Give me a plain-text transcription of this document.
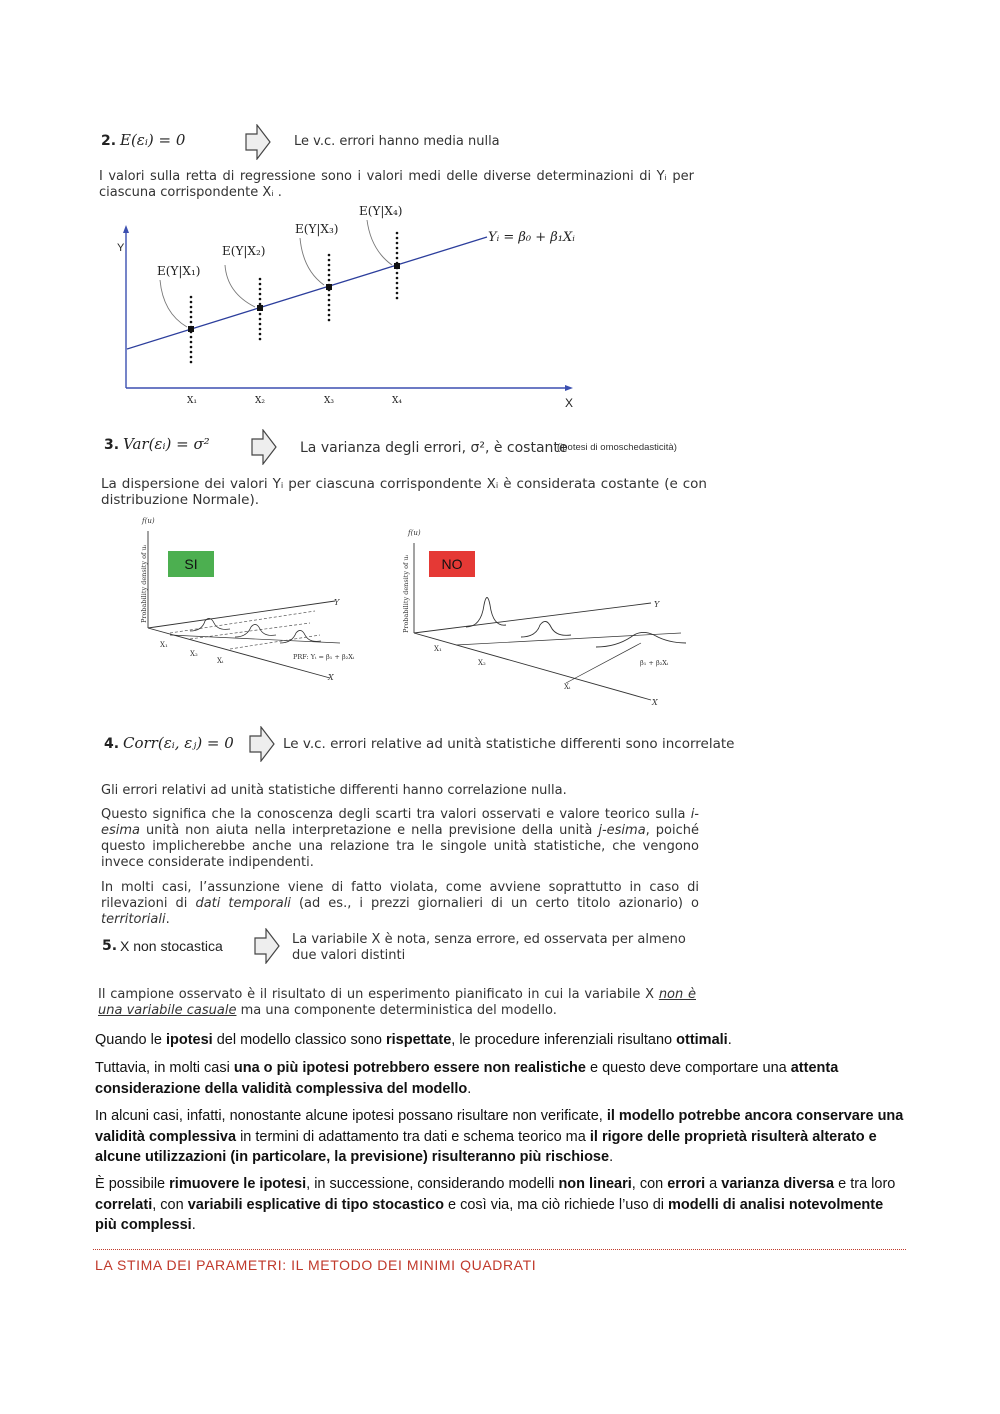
2. E(εᵢ) = 0	Le v.c. errori hanno media nulla
I valori sulla retta di regressione sono i valori medi delle diverse determinazioni di Yᵢ per ciascuna corrispondente Xᵢ .
Y
X
Yᵢ = β₀ + β₁Xᵢ
X₁	X₂	X₃	X₄
E(Y|X₁)
E(Y|X₂)
E(Y|X₃)
E(Y|X₄)
3. Var(εᵢ) = σ²	La varianza degli errori, σ², è costante
(ipotesi di omoschedasticità)
La dispersione dei valori Yᵢ per ciascuna corrispondente Xᵢ è considerata costante (e con distribuzione Normale).
f(u)
Y
X
X₁
X₂
Xᵢ	PRF: Yᵢ = β₁ + β₂Xᵢ
Probability density of uᵢ	SI
f(u)
Y
X
X₁
X₂
Xᵢ
β₁ + β₂Xᵢ
Probability density of uᵢ	NO
4. Corr(εᵢ, εⱼ) = 0	Le v.c. errori relative ad unità statistiche differenti sono incorrelate
Gli errori relativi ad unità statistiche differenti hanno correlazione nulla.
Questo significa che la conoscenza degli scarti tra valori osservati e valore teorico sulla i-esima unità non aiuta nella interpretazione e nella previsione della unità j-esima, poiché questo implicherebbe anche una relazione tra le singole unità statistiche, che vengono invece considerate indipendenti.
In molti casi, l’assunzione viene di fatto violata, come avviene soprattutto in caso di rilevazioni di dati temporali (ad es., i prezzi giornalieri di un certo titolo azionario) o territoriali.
5. X non stocastica	La variabile X è nota, senza errore, ed osservata per almeno due valori distinti
Il campione osservato è il risultato di un esperimento pianificato in cui la variabile X non è una variabile casuale ma una componente deterministica del modello.

Quando le ipotesi del modello classico sono rispettate, le procedure inferenziali risultano ottimali.

Tuttavia, in molti casi una o più ipotesi potrebbero essere non realistiche e questo deve comportare una attenta considerazione della validità complessiva del modello.

In alcuni casi, infatti, nonostante alcune ipotesi possano risultare non verificate, il modello potrebbe ancora conservare una validità complessiva in termini di adattamento tra dati e schema teorico ma il rigore delle proprietà risulterà alterato e alcune utilizzazioni (in particolare, la previsione) risulteranno più rischiose.

È possibile rimuovere le ipotesi, in successione, considerando modelli non lineari, con errori a varianza diversa e tra loro correlati, con variabili esplicative di tipo stocastico e così via, ma ciò richiede l’uso di modelli di analisi notevolmente più complessi.

LA STIMA DEI PARAMETRI: IL METODO DEI MINIMI QUADRATI
